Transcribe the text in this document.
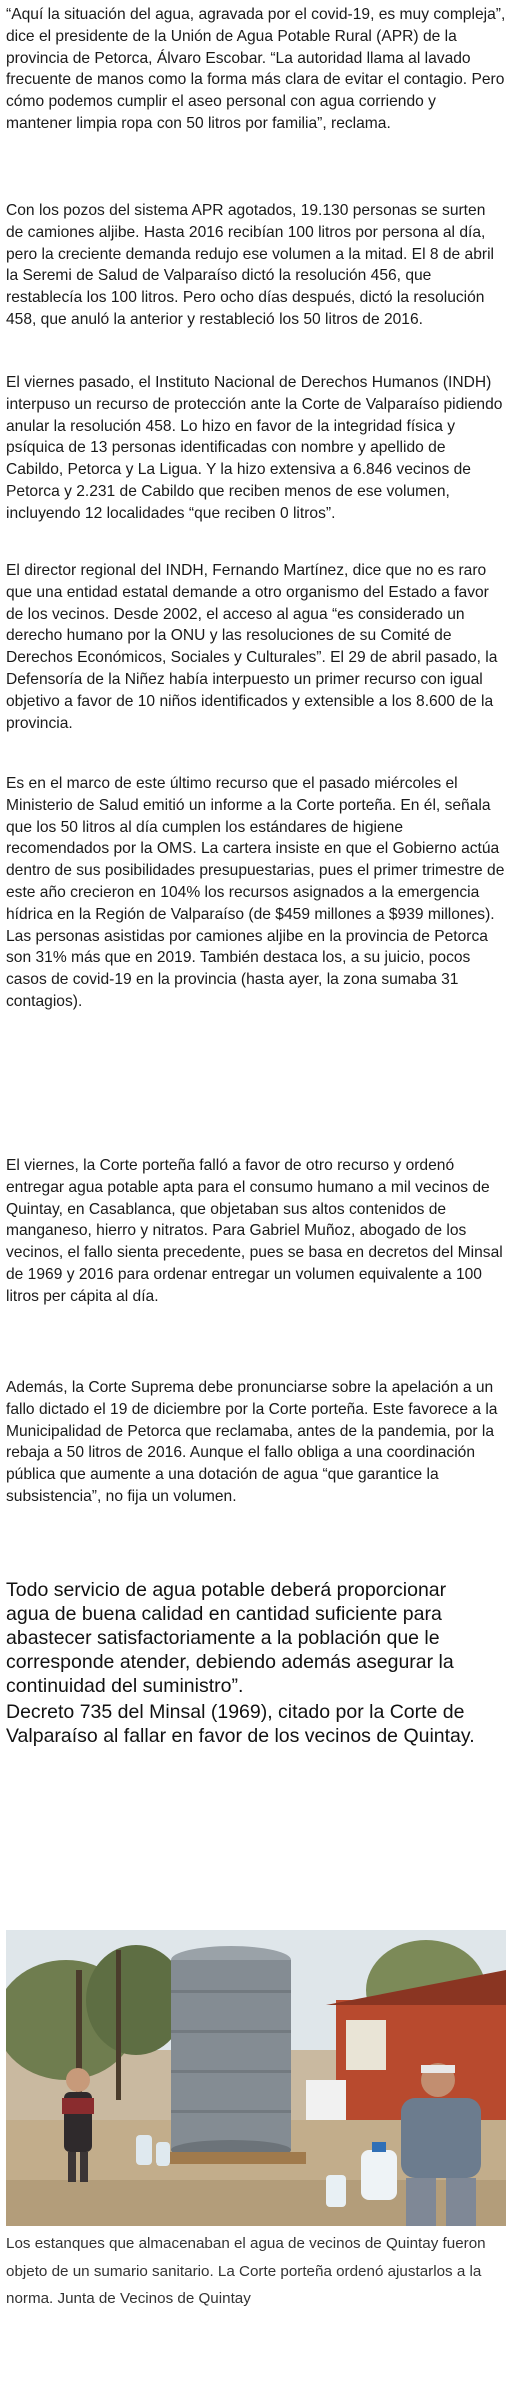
“Aquí la situación del agua, agravada por el covid-19, es muy compleja”, dice el presidente de la Unión de Agua Potable Rural (APR) de la provincia de Petorca, Álvaro Escobar. “La autoridad llama al lavado frecuente de manos como la forma más clara de evitar el contagio. Pero cómo podemos cumplir el aseo personal con agua corriendo y mantener limpia ropa con 50 litros por familia”, reclama.

Con los pozos del sistema APR agotados, 19.130 personas se surten de camiones aljibe. Hasta 2016 recibían 100 litros por persona al día, pero la creciente demanda redujo ese volumen a la mitad. El 8 de abril la Seremi de Salud de Valparaíso dictó la resolución 456, que restablecía los 100 litros. Pero ocho días después, dictó la resolución 458, que anuló la anterior y restableció los 50 litros de 2016.

El viernes pasado, el Instituto Nacional de Derechos Humanos (INDH) interpuso un recurso de protección ante la Corte de Valparaíso pidiendo anular la resolución 458. Lo hizo en favor de la integridad física y psíquica de 13 personas identificadas con nombre y apellido de Cabildo, Petorca y La Ligua. Y la hizo extensiva a 6.846 vecinos de Petorca y 2.231 de Cabildo que reciben menos de ese volumen, incluyendo 12 localidades “que reciben 0 litros”.

El director regional del INDH, Fernando Martínez, dice que no es raro que una entidad estatal demande a otro organismo del Estado a favor de los vecinos. Desde 2002, el acceso al agua “es considerado un derecho humano por la ONU y las resoluciones de su Comité de Derechos Económicos, Sociales y Culturales”. El 29 de abril pasado, la Defensoría de la Niñez había interpuesto un primer recurso con igual objetivo a favor de 10 niños identificados y extensible a los 8.600 de la provincia.

Es en el marco de este último recurso que el pasado miércoles el Ministerio de Salud emitió un informe a la Corte porteña. En él, señala que los 50 litros al día cumplen los estándares de higiene recomendados por la OMS. La cartera insiste en que el Gobierno actúa dentro de sus posibilidades presupuestarias, pues el primer trimestre de este año crecieron en 104% los recursos asignados a la emergencia hídrica en la Región de Valparaíso (de $459 millones a $939 millones). Las personas asistidas por camiones aljibe en la provincia de Petorca son 31% más que en 2019. También destaca los, a su juicio, pocos casos de covid-19 en la provincia (hasta ayer, la zona sumaba 31 contagios).

El viernes, la Corte porteña falló a favor de otro recurso y ordenó entregar agua potable apta para el consumo humano a mil vecinos de Quintay, en Casablanca, que objetaban sus altos contenidos de manganeso, hierro y nitratos. Para Gabriel Muñoz, abogado de los vecinos, el fallo sienta precedente, pues se basa en decretos del Minsal de 1969 y 2016 para ordenar entregar un volumen equivalente a 100 litros per cápita al día.

Además, la Corte Suprema debe pronunciarse sobre la apelación a un fallo dictado el 19 de diciembre por la Corte porteña. Este favorece a la Municipalidad de Petorca que reclamaba, antes de la pandemia, por la rebaja a 50 litros de 2016. Aunque el fallo obliga a una coordinación pública que aumente a una dotación de agua “que garantice la subsistencia”, no fija un volumen.

Todo servicio de agua potable deberá proporcionar

agua de buena calidad en cantidad suficiente para

abastecer satisfactoriamente a la población que le

corresponde atender, debiendo además asegurar la

continuidad del suministro”.

Decreto 735 del Minsal (1969), citado por la Corte de Valparaíso al fallar en favor de los vecinos de Quintay.

Los estanques que almacenaban el agua de vecinos de Quintay fueron objeto de un sumario sanitario. La Corte porteña ordenó ajustarlos a la norma. Junta de Vecinos de Quintay
